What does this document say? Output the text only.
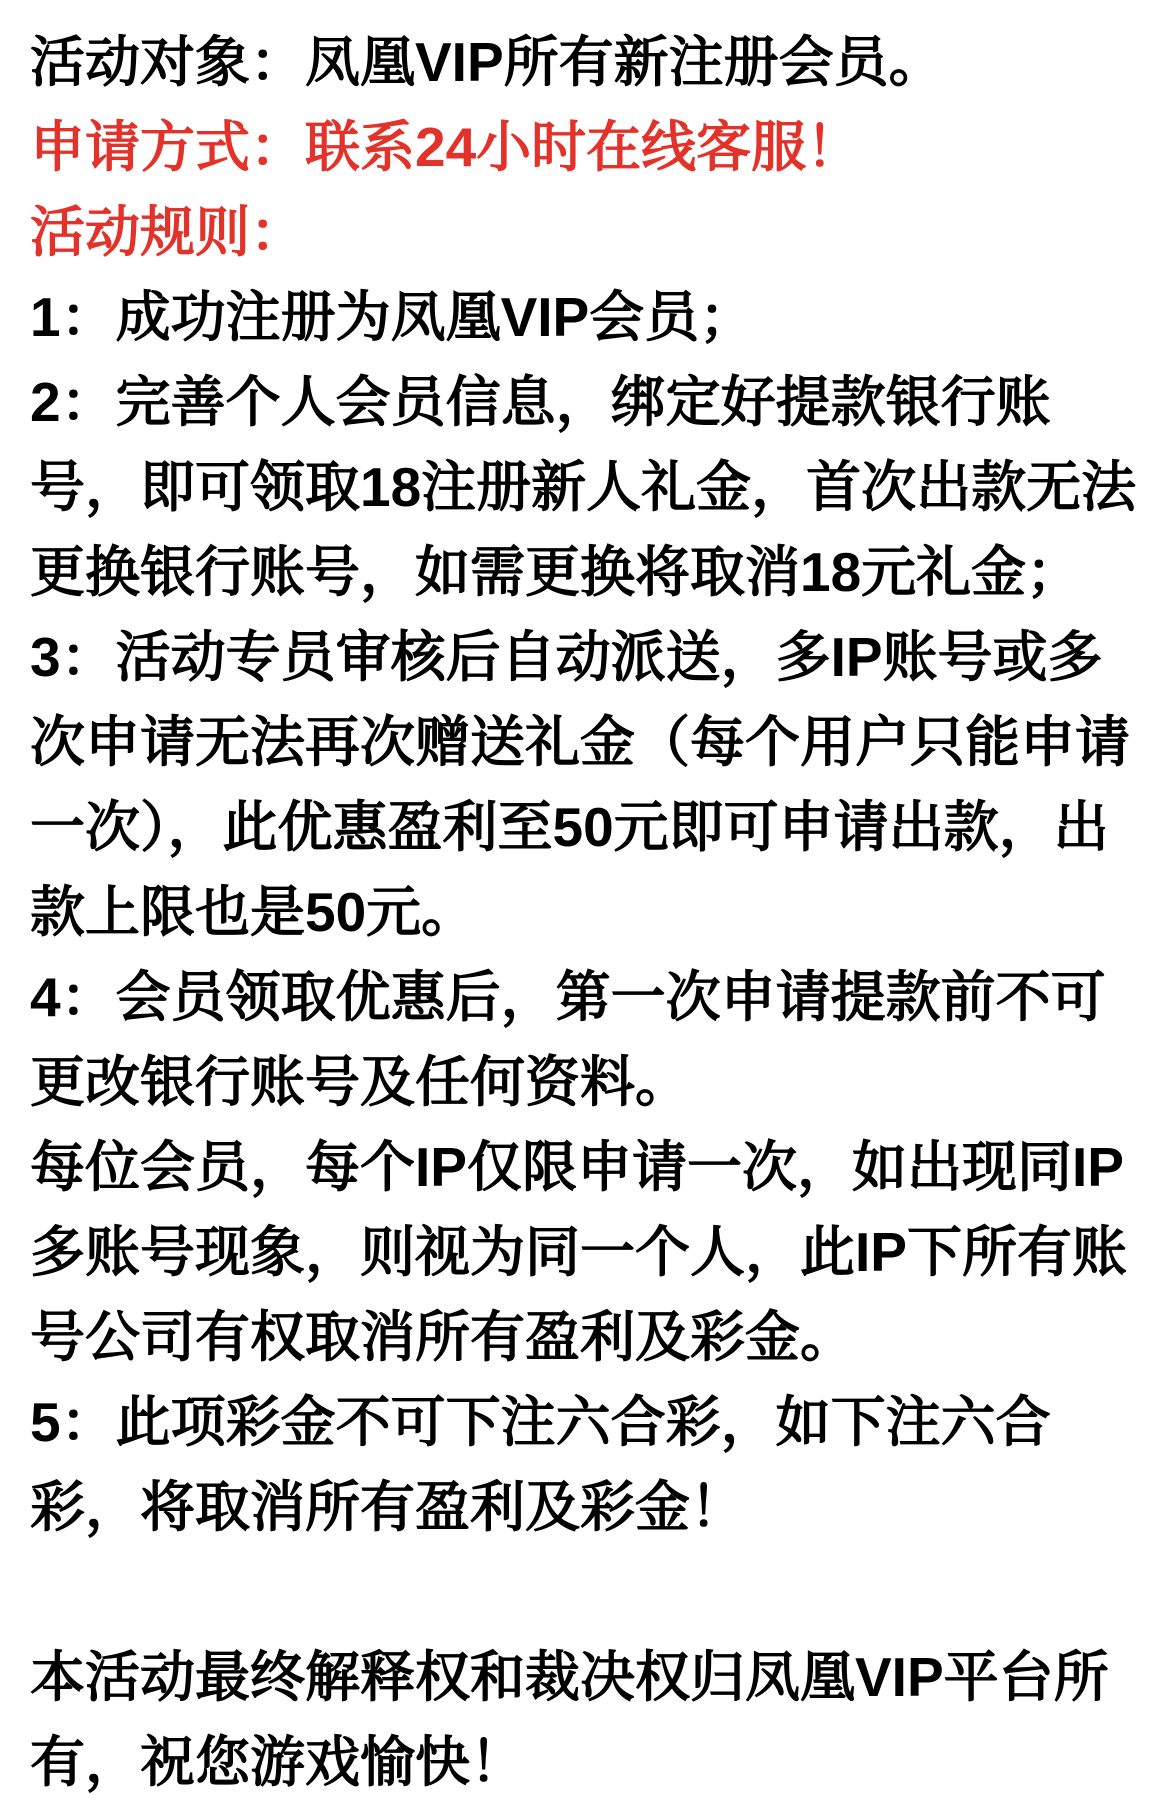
活动对象：凤凰VIP所有新注册会员。
申请方式：联系24小时在线客服！
活动规则：
1：成功注册为凤凰VIP会员；
2：完善个人会员信息，绑定好提款银行账
号，即可领取18注册新人礼金，首次出款无法
更换银行账号，如需更换将取消18元礼金；
3：活动专员审核后自动派送，多IP账号或多
次申请无法再次赠送礼金（每个用户只能申请
一次），此优惠盈利至50元即可申请出款，出
款上限也是50元。
4：会员领取优惠后，第一次申请提款前不可
更改银行账号及任何资料。
每位会员，每个IP仅限申请一次，如出现同IP
多账号现象，则视为同一个人，此IP下所有账
号公司有权取消所有盈利及彩金。
5：此项彩金不可下注六合彩，如下注六合
彩，将取消所有盈利及彩金！
本活动最终解释权和裁决权归凤凰VIP平台所
有，祝您游戏愉快！
